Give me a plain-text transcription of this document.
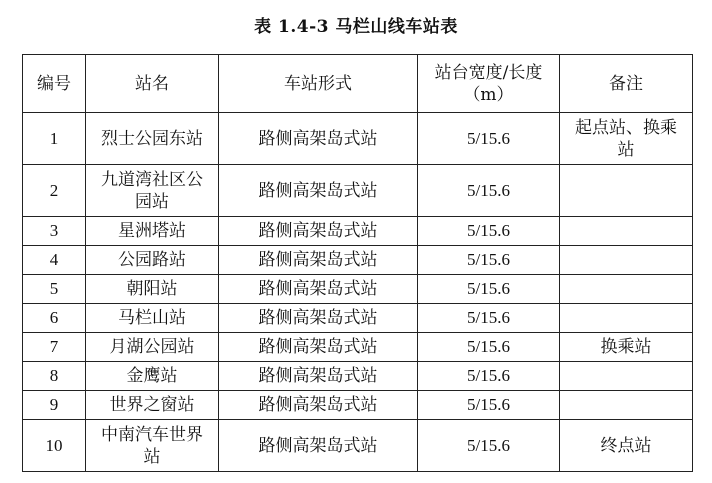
表 1.4-3 马栏山线车站表
编号	站名	车站形式	站台宽度/长度（m）	备注
1	烈士公园东站	路侧高架岛式站	5/15.6	起点站、换乘站
2	九道湾社区公园站	路侧高架岛式站	5/15.6	
3	星洲塔站	路侧高架岛式站	5/15.6	
4	公园路站	路侧高架岛式站	5/15.6	
5	朝阳站	路侧高架岛式站	5/15.6	
6	马栏山站	路侧高架岛式站	5/15.6	
7	月湖公园站	路侧高架岛式站	5/15.6	换乘站
8	金鹰站	路侧高架岛式站	5/15.6	
9	世界之窗站	路侧高架岛式站	5/15.6	
10	中南汽车世界站	路侧高架岛式站	5/15.6	终点站
